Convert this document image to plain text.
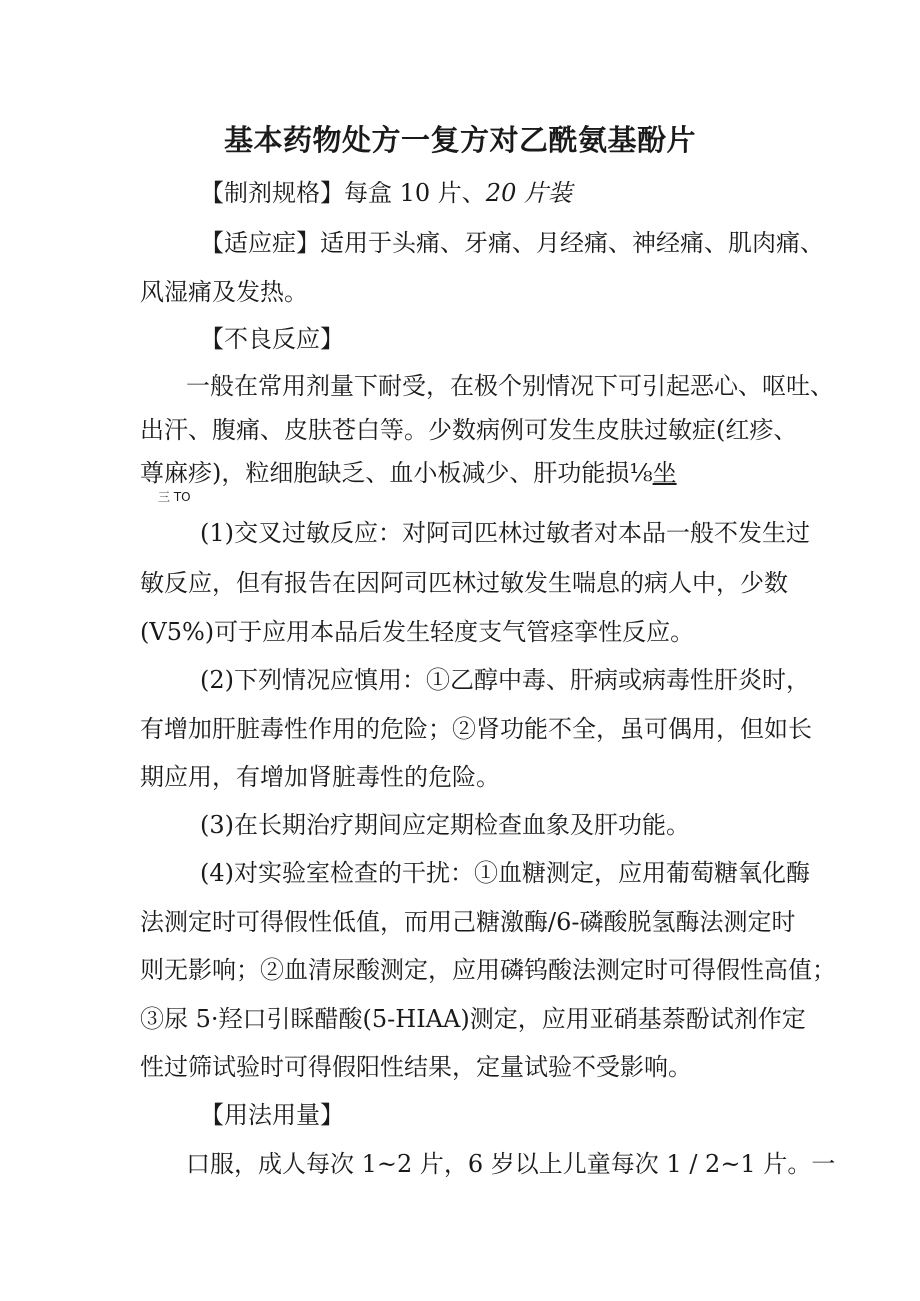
基本药物处方一复方对乙酰氨基酚片

【制剂规格】每盒 10 片、20 片装

【适应症】适用于头痛、牙痛、月经痛、神经痛、肌肉痛、

风湿痛及发热。

【不良反应】

一般在常用剂量下耐受，在极个别情况下可引起恶心、呕吐、

出汗、腹痛、皮肤苍白等。少数病例可发生皮肤过敏症(红疹、

尊麻疹)，粒细胞缺乏、血小板减少、肝功能损⅛坐

三 TO

(1)交叉过敏反应：对阿司匹林过敏者对本品一般不发生过

敏反应，但有报告在因阿司匹林过敏发生喘息的病人中，少数

(V5%)可于应用本品后发生轻度支气管痉挛性反应。

(2)下列情况应慎用：①乙醇中毒、肝病或病毒性肝炎时，

有增加肝脏毒性作用的危险；②肾功能不全，虽可偶用，但如长

期应用，有增加肾脏毒性的危险。

(3)在长期治疗期间应定期检查血象及肝功能。

(4)对实验室检查的干扰：①血糖测定，应用葡萄糖氧化酶

法测定时可得假性低值，而用己糖激酶/6-磷酸脱氢酶法测定时

则无影响；②血清尿酸测定，应用磷钨酸法测定时可得假性高值；

③尿 5·羟口引睬醋酸(5-HIAA)测定，应用亚硝基萘酚试剂作定

性过筛试验时可得假阳性结果，定量试验不受影响。

【用法用量】

口服，成人每次 1~2 片，6 岁以上儿童每次 1 / 2~1 片。一
